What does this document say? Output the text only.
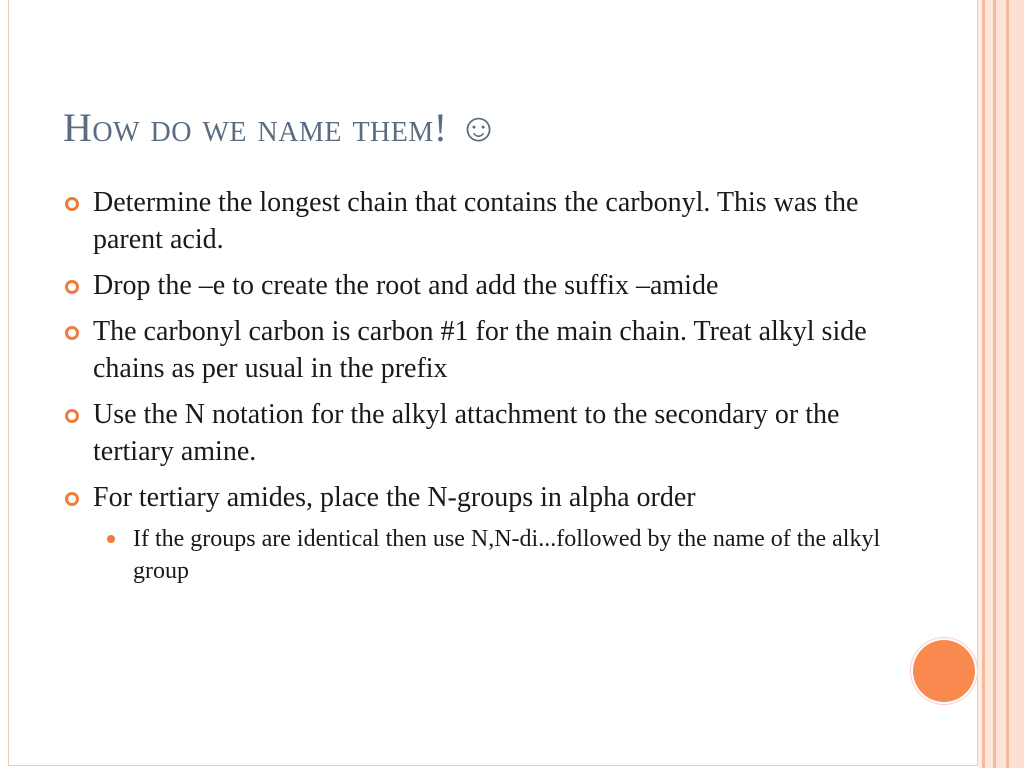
How do we name them! ☺
Determine the longest chain that contains the carbonyl. This was the parent acid.
Drop the –e to create the root and add the suffix –amide
The carbonyl carbon is carbon #1 for the main chain. Treat alkyl side chains as per usual in the prefix
Use the N notation for the alkyl attachment to the secondary or the tertiary amine.
For tertiary amides, place the N-groups in alpha order
If the groups are identical then use N,N-di...followed by the name of the alkyl group
